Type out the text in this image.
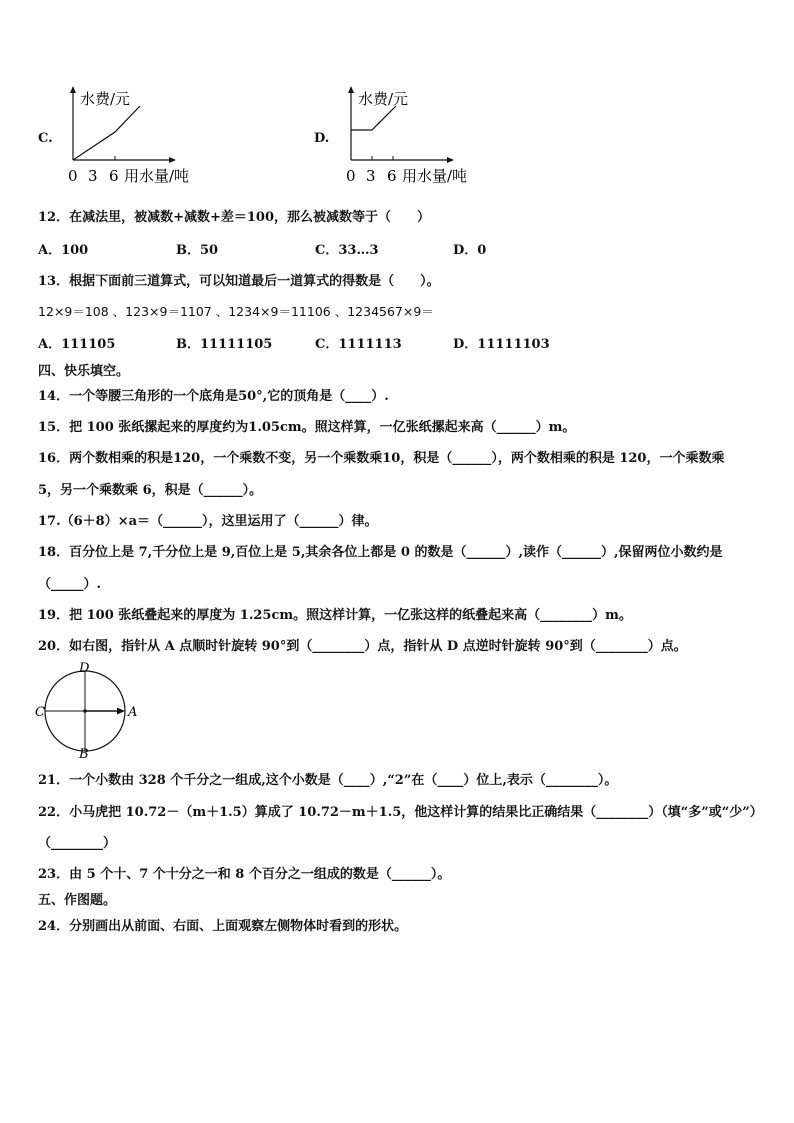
C.
水费/元
0 3 6 用水量/吨
D.
水费/元
0 3 6 用水量/吨
12．在减法里，被减数+减数+差＝100，那么被减数等于（　　）
A．100	B．50	C．33…3	D．0
13．根据下面前三道算式，可以知道最后一道算式的得数是（　　）。
12×9＝108 、123×9＝1107 、1234×9＝11106 、1234567×9＝
A．111105	B．11111105	C．1111113	D．11111103
四、快乐填空。
14．一个等腰三角形的一个底角是50°,它的顶角是（____）.
15．把 100 张纸摞起来的厚度约为1.05cm。照这样算，一亿张纸摞起来高（______）m。
16．两个数相乘的积是120，一个乘数不变，另一个乘数乘10，积是（______），两个数相乘的积是 120，一个乘数乘
5，另一个乘数乘 6，积是（______）。
17.（6＋8）×a＝（______），这里运用了（______）律。
18．百分位上是 7,千分位上是 9,百位上是 5,其余各位上都是 0 的数是（______）,读作（______）,保留两位小数约是
（_____）.
19．把 100 张纸叠起来的厚度为 1.25cm。照这样计算，一亿张这样的纸叠起来高（________）m。
20．如右图，指针从 A 点顺时针旋转 90°到（________）点，指针从 D 点逆时针旋转 90°到（________）点。
D
C	A
B
21．一个小数由 328 个千分之一组成,这个小数是（____）,“2”在（____）位上,表示（________）。
22．小马虎把 10.72－（m＋1.5）算成了 10.72－m＋1.5，他这样计算的结果比正确结果（________）（填“多”或“少”）
（________）
23．由 5 个十、7 个十分之一和 8 个百分之一组成的数是（______）。
五、作图题。
24．分别画出从前面、右面、上面观察左侧物体时看到的形状。
